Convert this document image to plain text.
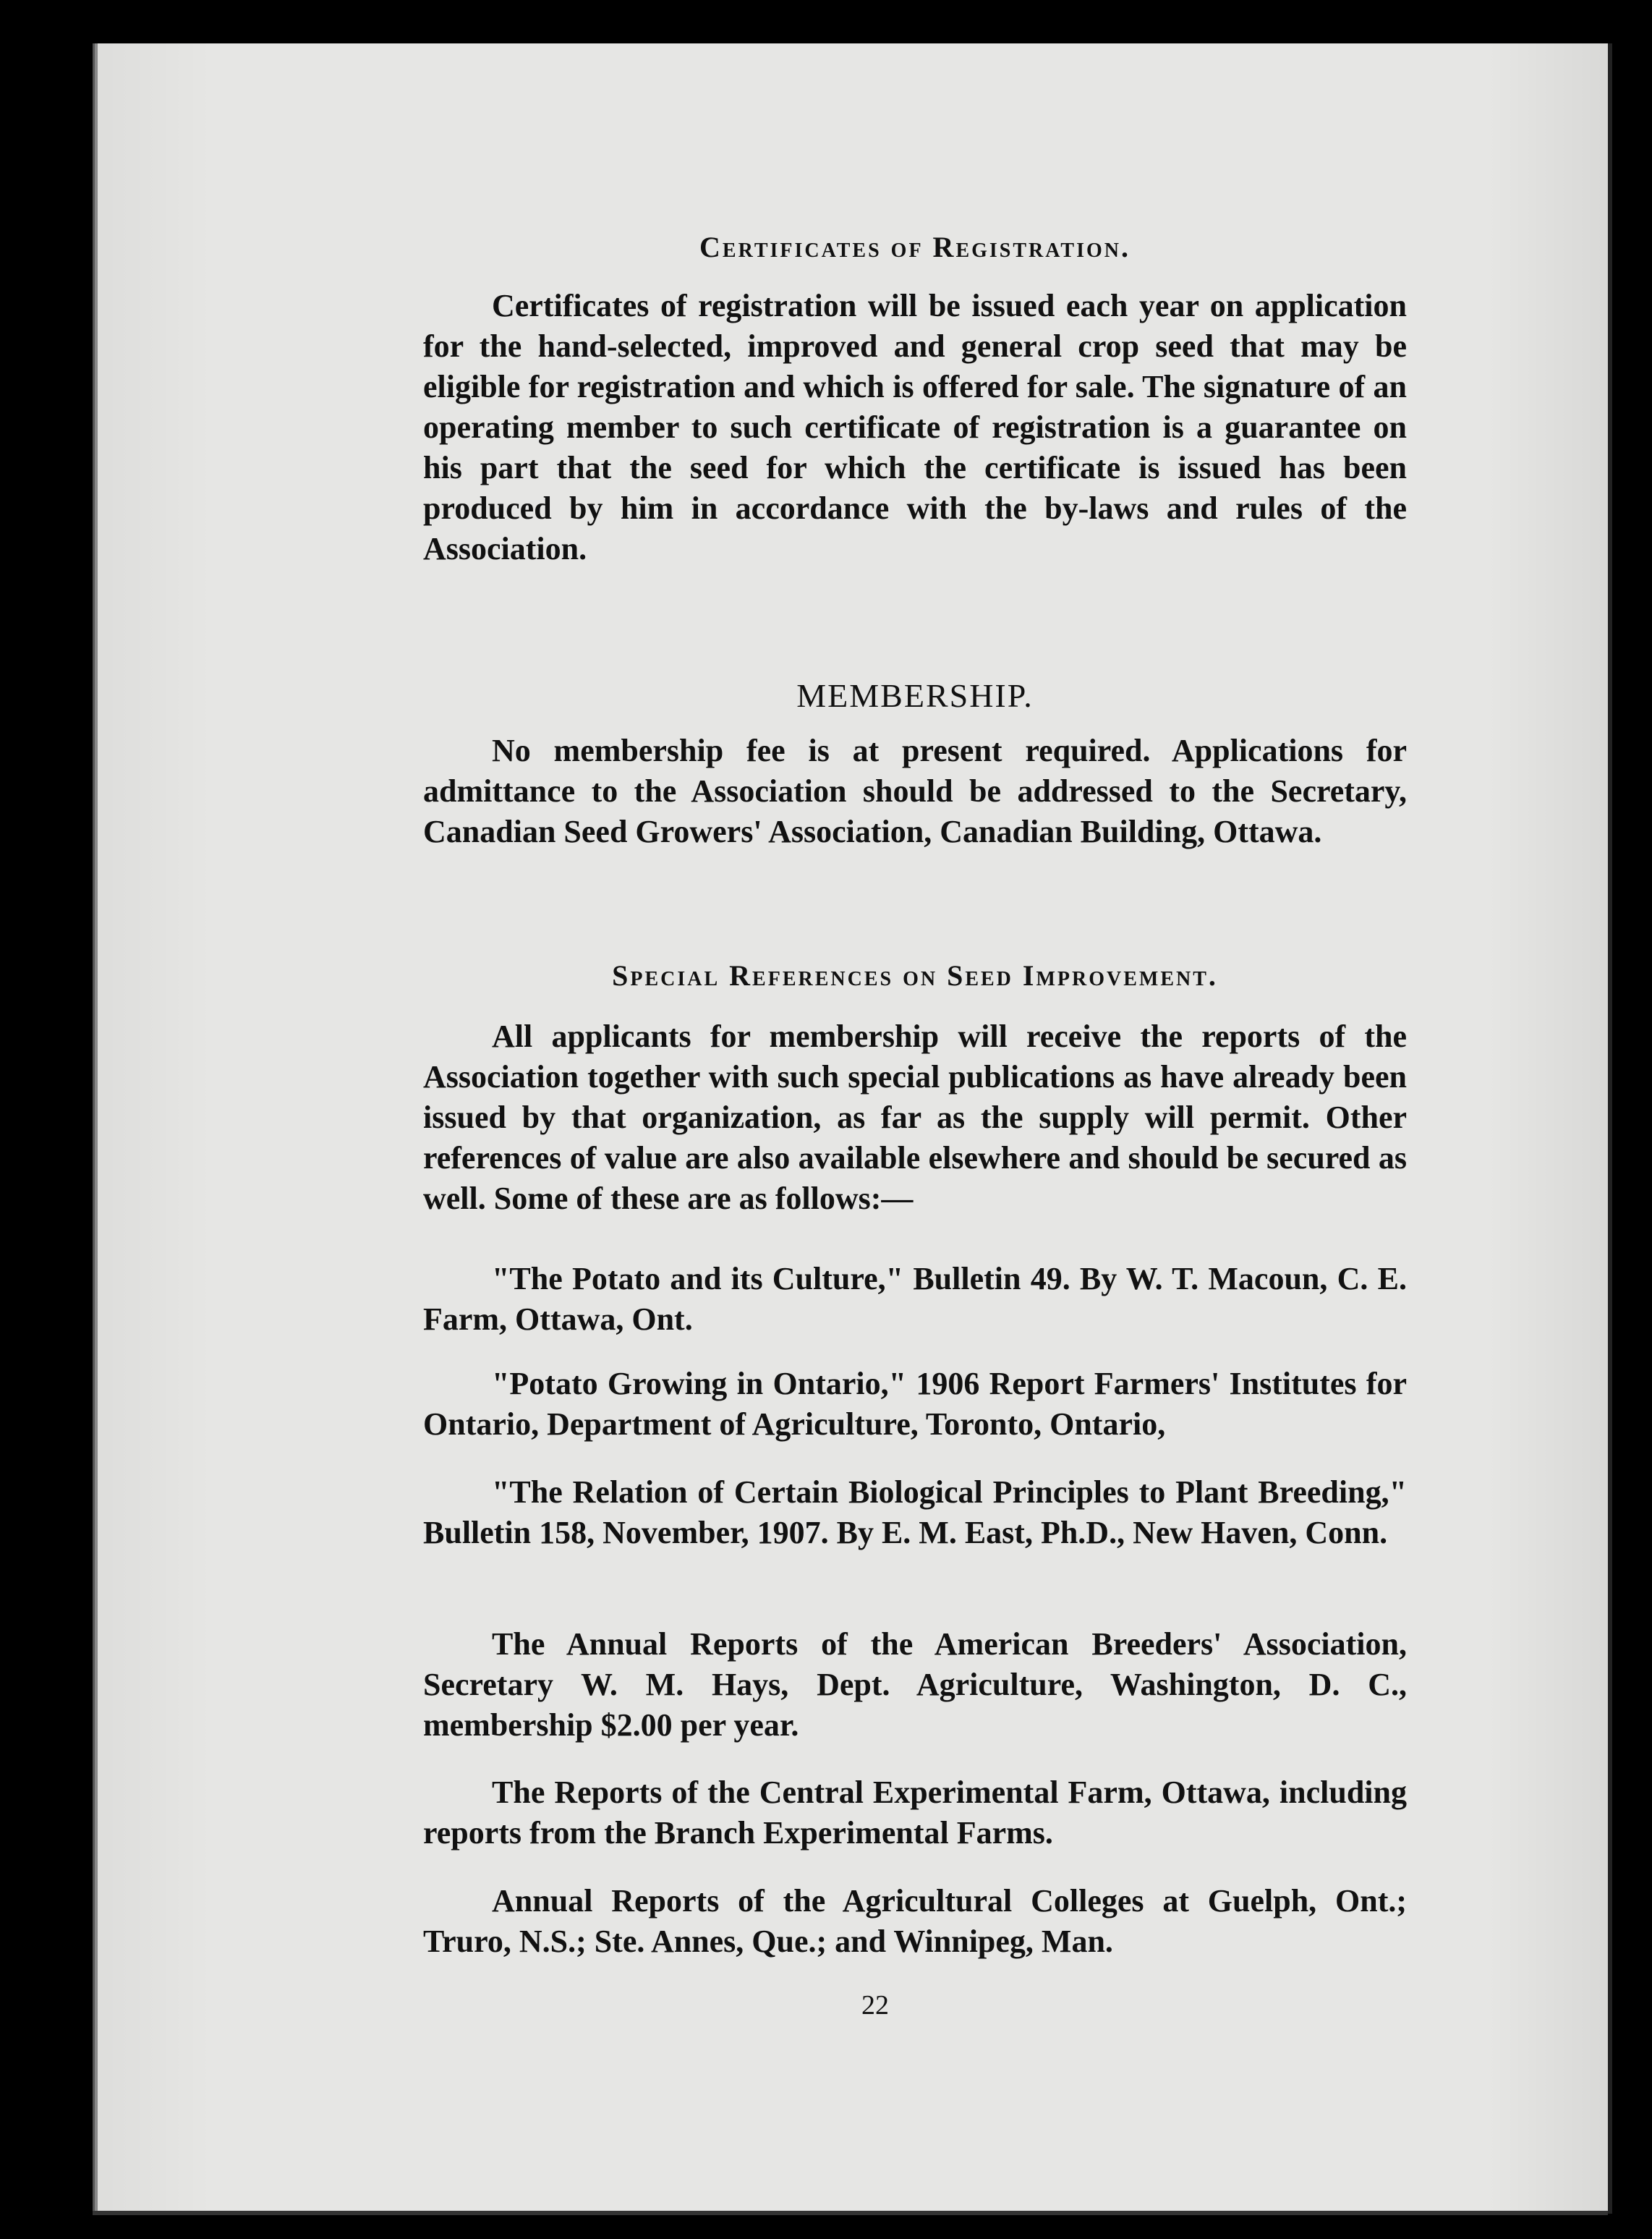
Certificates of Registration.

Certificates of registration will be issued each year on application for the hand-selected, improved and general crop seed that may be eligible for registration and which is offered for sale. The signature of an operating member to such certificate of registration is a guarantee on his part that the seed for which the certificate is issued has been produced by him in accordance with the by-laws and rules of the Association.

MEMBERSHIP.

No membership fee is at present required. Applications for admittance to the Association should be addressed to the Secretary, Canadian Seed Growers' Association, Canadian Building, Ottawa.

Special References on Seed Improvement.

All applicants for membership will receive the reports of the Association together with such special publications as have already been issued by that organization, as far as the supply will permit. Other references of value are also available elsewhere and should be secured as well. Some of these are as follows:—

"The Potato and its Culture," Bulletin 49. By W. T. Macoun, C. E. Farm, Ottawa, Ont.

"Potato Growing in Ontario," 1906 Report Farmers' Institutes for Ontario, Department of Agriculture, Toronto, Ontario,

"The Relation of Certain Biological Principles to Plant Breeding," Bulletin 158, November, 1907. By E. M. East, Ph.D., New Haven, Conn.

The Annual Reports of the American Breeders' Association, Secretary W. M. Hays, Dept. Agriculture, Washington, D. C., membership $2.00 per year.

The Reports of the Central Experimental Farm, Ottawa, including reports from the Branch Experimental Farms.

Annual Reports of the Agricultural Colleges at Guelph, Ont.; Truro, N.S.; Ste. Annes, Que.; and Winnipeg, Man.

22
